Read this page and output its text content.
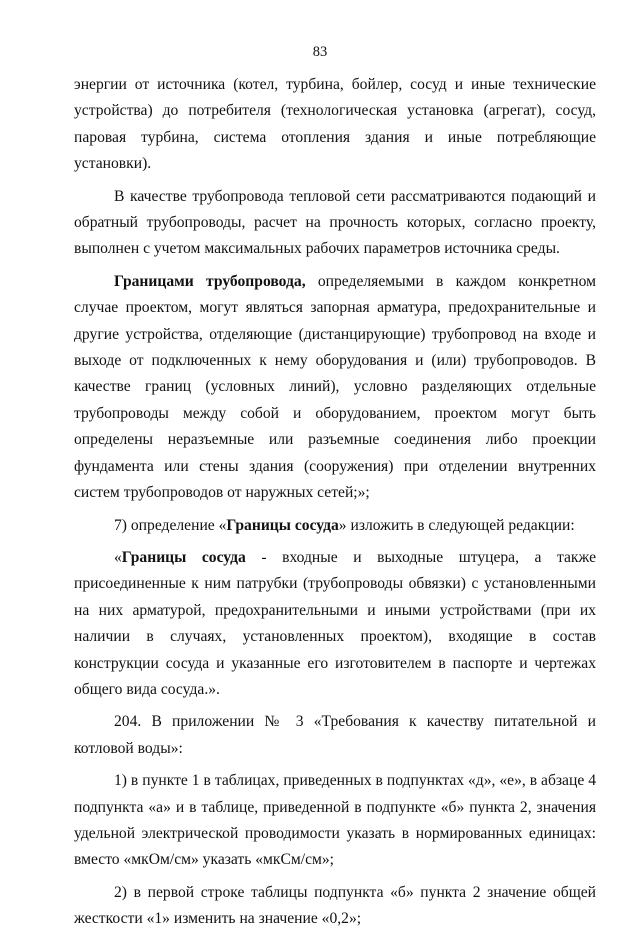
83

энергии от источника (котел, турбина, бойлер, сосуд и иные технические устройства) до потребителя (технологическая установка (агрегат), сосуд, паровая турбина, система отопления здания и иные потребляющие установки).

В качестве трубопровода тепловой сети рассматриваются подающий и обратный трубопроводы, расчет на прочность которых, согласно проекту, выполнен с учетом максимальных рабочих параметров источника среды.

Границами трубопровода, определяемыми в каждом конкретном случае проектом, могут являться запорная арматура, предохранительные и другие устройства, отделяющие (дистанцирующие) трубопровод на входе и выходе от подключенных к нему оборудования и (или) трубопроводов. В качестве границ (условных линий), условно разделяющих отдельные трубопроводы между собой и оборудованием, проектом могут быть определены неразъемные или разъемные соединения либо проекции фундамента или стены здания (сооружения) при отделении внутренних систем трубопроводов от наружных сетей;»;

7) определение «Границы сосуда» изложить в следующей редакции:

«Границы сосуда - входные и выходные штуцера, а также присоединенные к ним патрубки (трубопроводы обвязки) с установленными на них арматурой, предохранительными и иными устройствами (при их наличии в случаях, установленных проектом), входящие в состав конструкции сосуда и указанные его изготовителем в паспорте и чертежах общего вида сосуда.».

204. В приложении № 3 «Требования к качеству питательной и котловой воды»:

1) в пункте 1 в таблицах, приведенных в подпунктах «д», «е», в абзаце 4 подпункта «а» и в таблице, приведенной в подпункте «б» пункта 2, значения удельной электрической проводимости указать в нормированных единицах: вместо «мкОм/см» указать «мкСм/см»;

2) в первой строке таблицы подпункта «б» пункта 2 значение общей жесткости «1» изменить на значение «0,2»;
